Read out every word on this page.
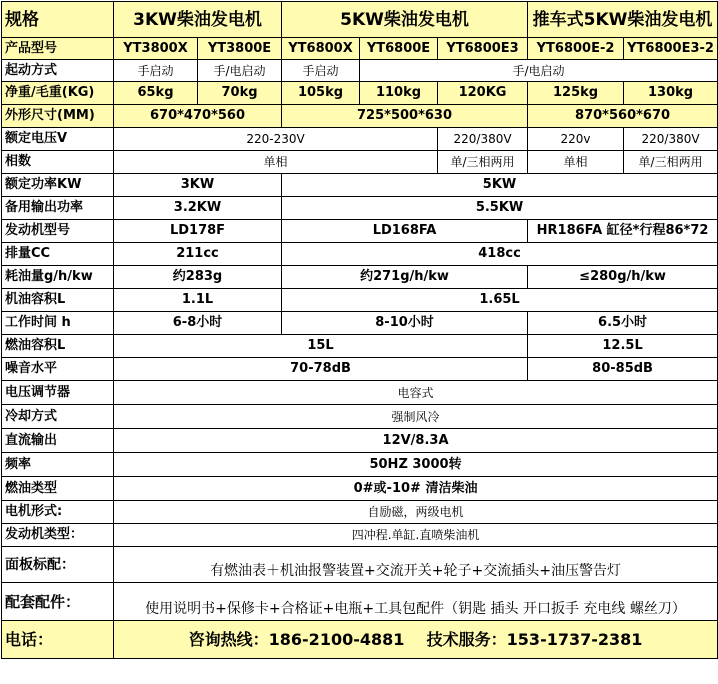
规格	3KW柴油发电机		5KW柴油发电机			推车式5KW柴油发电机	
产品型号	YT3800X	YT3800E	YT6800X	YT6800E	YT6800E3	YT6800E-2	YT6800E3-2
起动方式	手启动	手/电启动	手启动	手/电启动			
净重/毛重(KG)	65kg	70kg	105kg	110kg	120KG	125kg	130kg
外形尺寸(MM)	670*470*560		725*500*630			870*560*670	
额定电压V	220-230V				220/380V	220v	220/380V
相数	单相				单/三相两用	单相	单/三相两用
额定功率KW	3KW		5KW				
备用输出功率	3.2KW		5.5KW				
发动机型号	LD178F		LD168FA			HR186FA 缸径*行程86*72	
排量CC	211cc		418cc				
耗油量g/h/kw	约283g		约271g/h/kw			≤280g/h/kw	
机油容积L	1.1L		1.65L				
工作时间 h	6-8小时		8-10小时			6.5小时	
燃油容积L	15L					12.5L	
噪音水平	70-78dB					80-85dB	
电压调节器	电容式						
冷却方式	强制风冷						
直流输出	12V/8.3A						
频率	50HZ 3000转						
燃油类型	0#或-10# 清洁柴油						
电机形式:	自励磁，两级电机						
发动机类型：	四冲程.单缸.直喷柴油机						
面板标配：	有燃油表＋机油报警装置+交流开关+轮子+交流插头+油压警告灯						
配套配件：	使用说明书+保修卡+合格证+电瓶+工具包配件（钥匙 插头 开口扳手 充电线 螺丝刀）						
电话：	咨询热线：186-2100-4881    技术服务：153-1737-2381						
